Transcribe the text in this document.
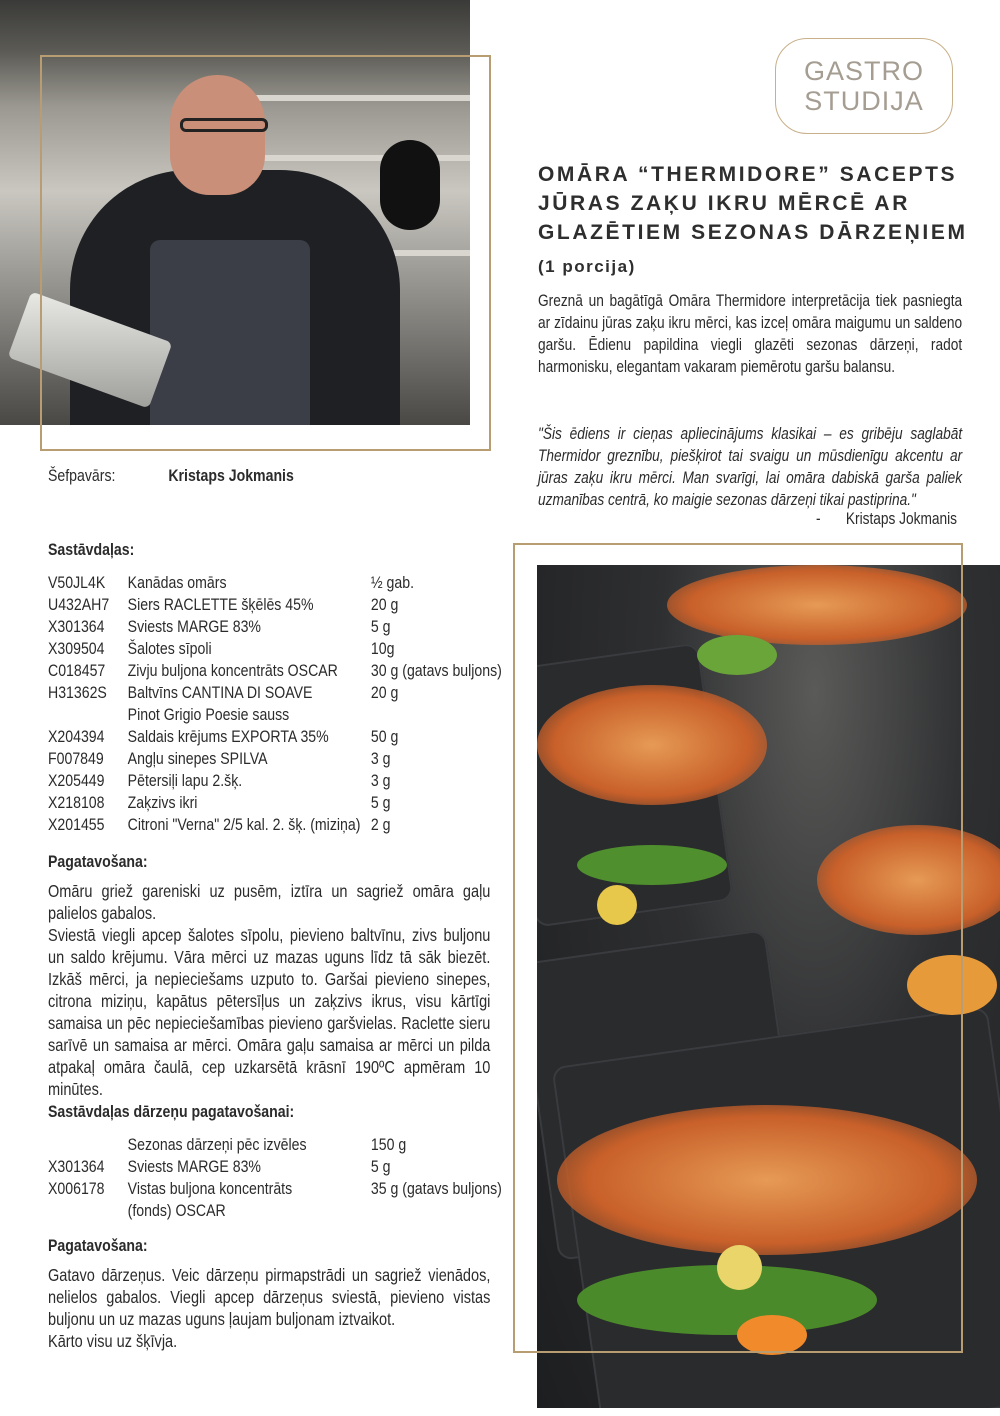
GASTRO
STUDIJA
OMĀRA “THERMIDORE” SACEPTS
JŪRAS ZAĶU IKRU MĒRCĒ AR
GLAZĒTIEM SEZONAS DĀRZEŅIEM
(1 porcija)
Greznā un bagātīgā Omāra Thermidore interpretācija tiek pasniegta ar zīdainu jūras zaķu ikru mērci, kas izceļ omāra maigumu un saldeno garšu. Ēdienu papildina viegli glazēti sezonas dārzeņi, radot harmonisku, elegantam vakaram piemērotu garšu balansu.
"Šis ēdiens ir cieņas apliecinājums klasikai – es gribēju saglabāt Thermidor greznību, piešķirot tai svaigu un mūsdienīgu akcentu ar jūras zaķu ikru mērci. Man svarīgi, lai omāra dabiskā garša paliek uzmanības centrā, ko maigie sezonas dārzeņi tikai pastiprina."
- Kristaps Jokmanis
Šefpavārs:	Kristaps Jokmanis
Sastāvdaļas:
V50JL4K	Kanādas omārs	½ gab.
U432AH7	Siers RACLETTE šķēlēs 45%	20 g
X301364	Sviests MARGE 83%	5 g
X309504	Šalotes sīpoli	10g
C018457	Zivju buljona koncentrāts OSCAR	30 g (gatavs buljons)
H31362S	Baltvīns CANTINA DI SOAVE	20 g
	Pinot Grigio Poesie sauss	
X204394	Saldais krējums EXPORTA 35%	50 g
F007849	Angļu sinepes SPILVA	3 g
X205449	Pētersiļi lapu 2.šķ.	3 g
X218108	Zaķzivs ikri	5 g
X201455	Citroni "Verna" 2/5 kal. 2. šķ. (miziņa)	2 g
Pagatavošana:

Omāru griež gareniski uz pusēm, iztīra un sagriež omāra gaļu palielos gabalos.

Sviestā viegli apcep šalotes sīpolu, pievieno baltvīnu, zivs buljonu un saldo krējumu. Vāra mērci uz mazas uguns līdz tā sāk biezēt. Izkāš mērci, ja nepieciešams uzputo to. Garšai pievieno sinepes, citrona miziņu, kapātus pētersīļus un zaķzivs ikrus, visu kārtīgi samaisa un pēc nepieciešamības pievieno garšvielas. Raclette sieru sarīvē un samaisa ar mērci. Omāra gaļu samaisa ar mērci un pilda atpakaļ omāra čaulā, cep uzkarsētā krāsnī 190ºC apmēram 10 minūtes.

Sastāvdaļas dārzeņu pagatavošanai:
	Sezonas dārzeņi pēc izvēles	150 g
X301364	Sviests MARGE 83%	5 g
X006178	Vistas buljona koncentrāts	35 g (gatavs buljons)
	(fonds) OSCAR	
Pagatavošana:

Gatavo dārzeņus. Veic dārzeņu pirmapstrādi un sagriež vienādos, nelielos gabalos. Viegli apcep dārzeņus sviestā, pievieno vistas buljonu un uz mazas uguns ļaujam buljonam iztvaikot.

Kārto visu uz šķīvja.
